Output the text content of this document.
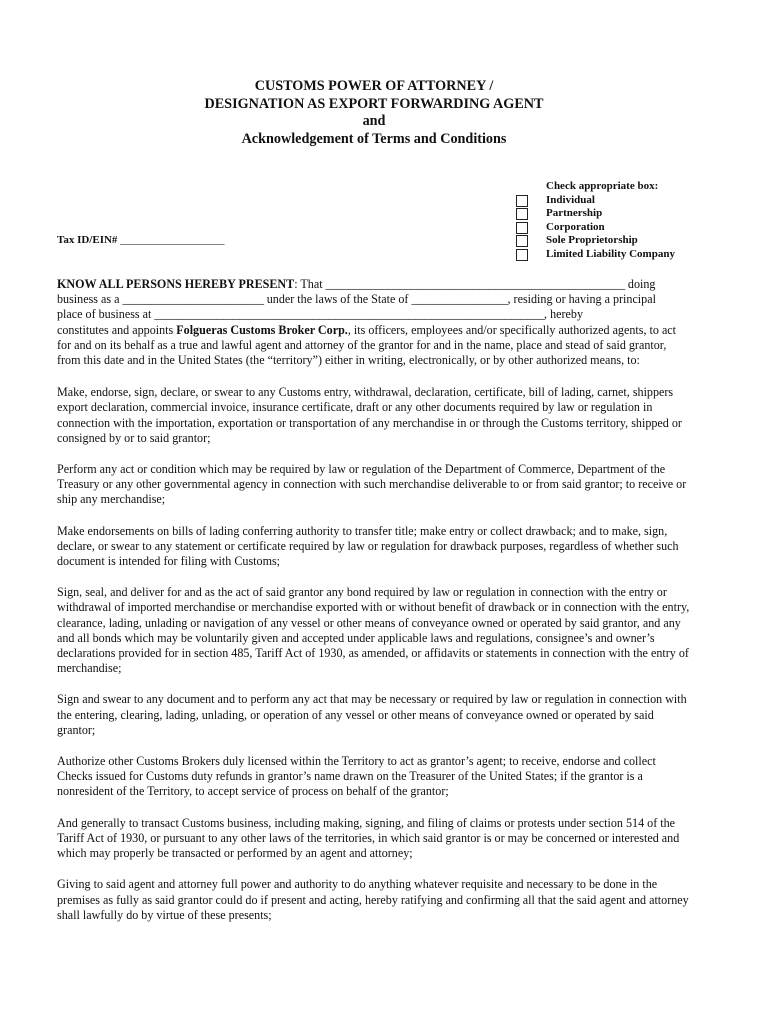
CUSTOMS POWER OF ATTORNEY /
DESIGNATION AS EXPORT FORWARDING AGENT
and
Acknowledgement of Terms and Conditions
Check appropriate box:
Individual
Partnership
Corporation
Sole Proprietorship
Limited Liability Company
Tax ID/EIN# ____________________

KNOW ALL PERSONS HEREBY PRESENT: That _____________________________________________________ doing
business as a _________________________ under the laws of the State of _________________, residing or having a principal
place of business at _____________________________________________________________________, hereby
constitutes and appoints Folgueras Customs Broker Corp., its officers, employees and/or specifically authorized agents, to act for and on its behalf as a true and lawful agent and attorney of the grantor for and in the name, place and stead of said grantor, from this date and in the United States (the “territory”) either in writing, electronically, or by other authorized means, to:

Make, endorse, sign, declare, or swear to any Customs entry, withdrawal, declaration, certificate, bill of lading, carnet, shippers export declaration, commercial invoice, insurance certificate, draft or any other documents required by law or regulation in connection with the importation, exportation or transportation of any merchandise in or through the Customs territory, shipped or consigned by or to said grantor;

Perform any act or condition which may be required by law or regulation of the Department of Commerce, Department of the Treasury or any other governmental agency in connection with such merchandise deliverable to or from said grantor; to receive or ship any merchandise;

Make endorsements on bills of lading conferring authority to transfer title; make entry or collect drawback; and to make, sign, declare, or swear to any statement or certificate required by law or regulation for drawback purposes, regardless of whether such document is intended for filing with Customs;

Sign, seal, and deliver for and as the act of said grantor any bond required by law or regulation in connection with the entry or withdrawal of imported merchandise or merchandise exported with or without benefit of drawback or in connection with the entry, clearance, lading, unlading or navigation of any vessel or other means of conveyance owned or operated by said grantor, and any and all bonds which may be voluntarily given and accepted under applicable laws and regulations, consignee’s and owner’s declarations provided for in section 485, Tariff Act of 1930, as amended, or affidavits or statements in connection with the entry of merchandise;

Sign and swear to any document and to perform any act that may be necessary or required by law or regulation in connection with the entering, clearing, lading, unlading, or operation of any vessel or other means of conveyance owned or operated by said grantor;

Authorize other Customs Brokers duly licensed within the Territory to act as grantor’s agent; to receive, endorse and collect Checks issued for Customs duty refunds in grantor’s name drawn on the Treasurer of the United States; if the grantor is a nonresident of the Territory, to accept service of process on behalf of the grantor;

And generally to transact Customs business, including making, signing, and filing of claims or protests under section 514 of the Tariff Act of 1930, or pursuant to any other laws of the territories, in which said grantor is or may be concerned or interested and which may properly be transacted or performed by an agent and attorney;

Giving to said agent and attorney full power and authority to do anything whatever requisite and necessary to be done in the premises as fully as said grantor could do if present and acting, hereby ratifying and confirming all that the said agent and attorney shall lawfully do by virtue of these presents;
